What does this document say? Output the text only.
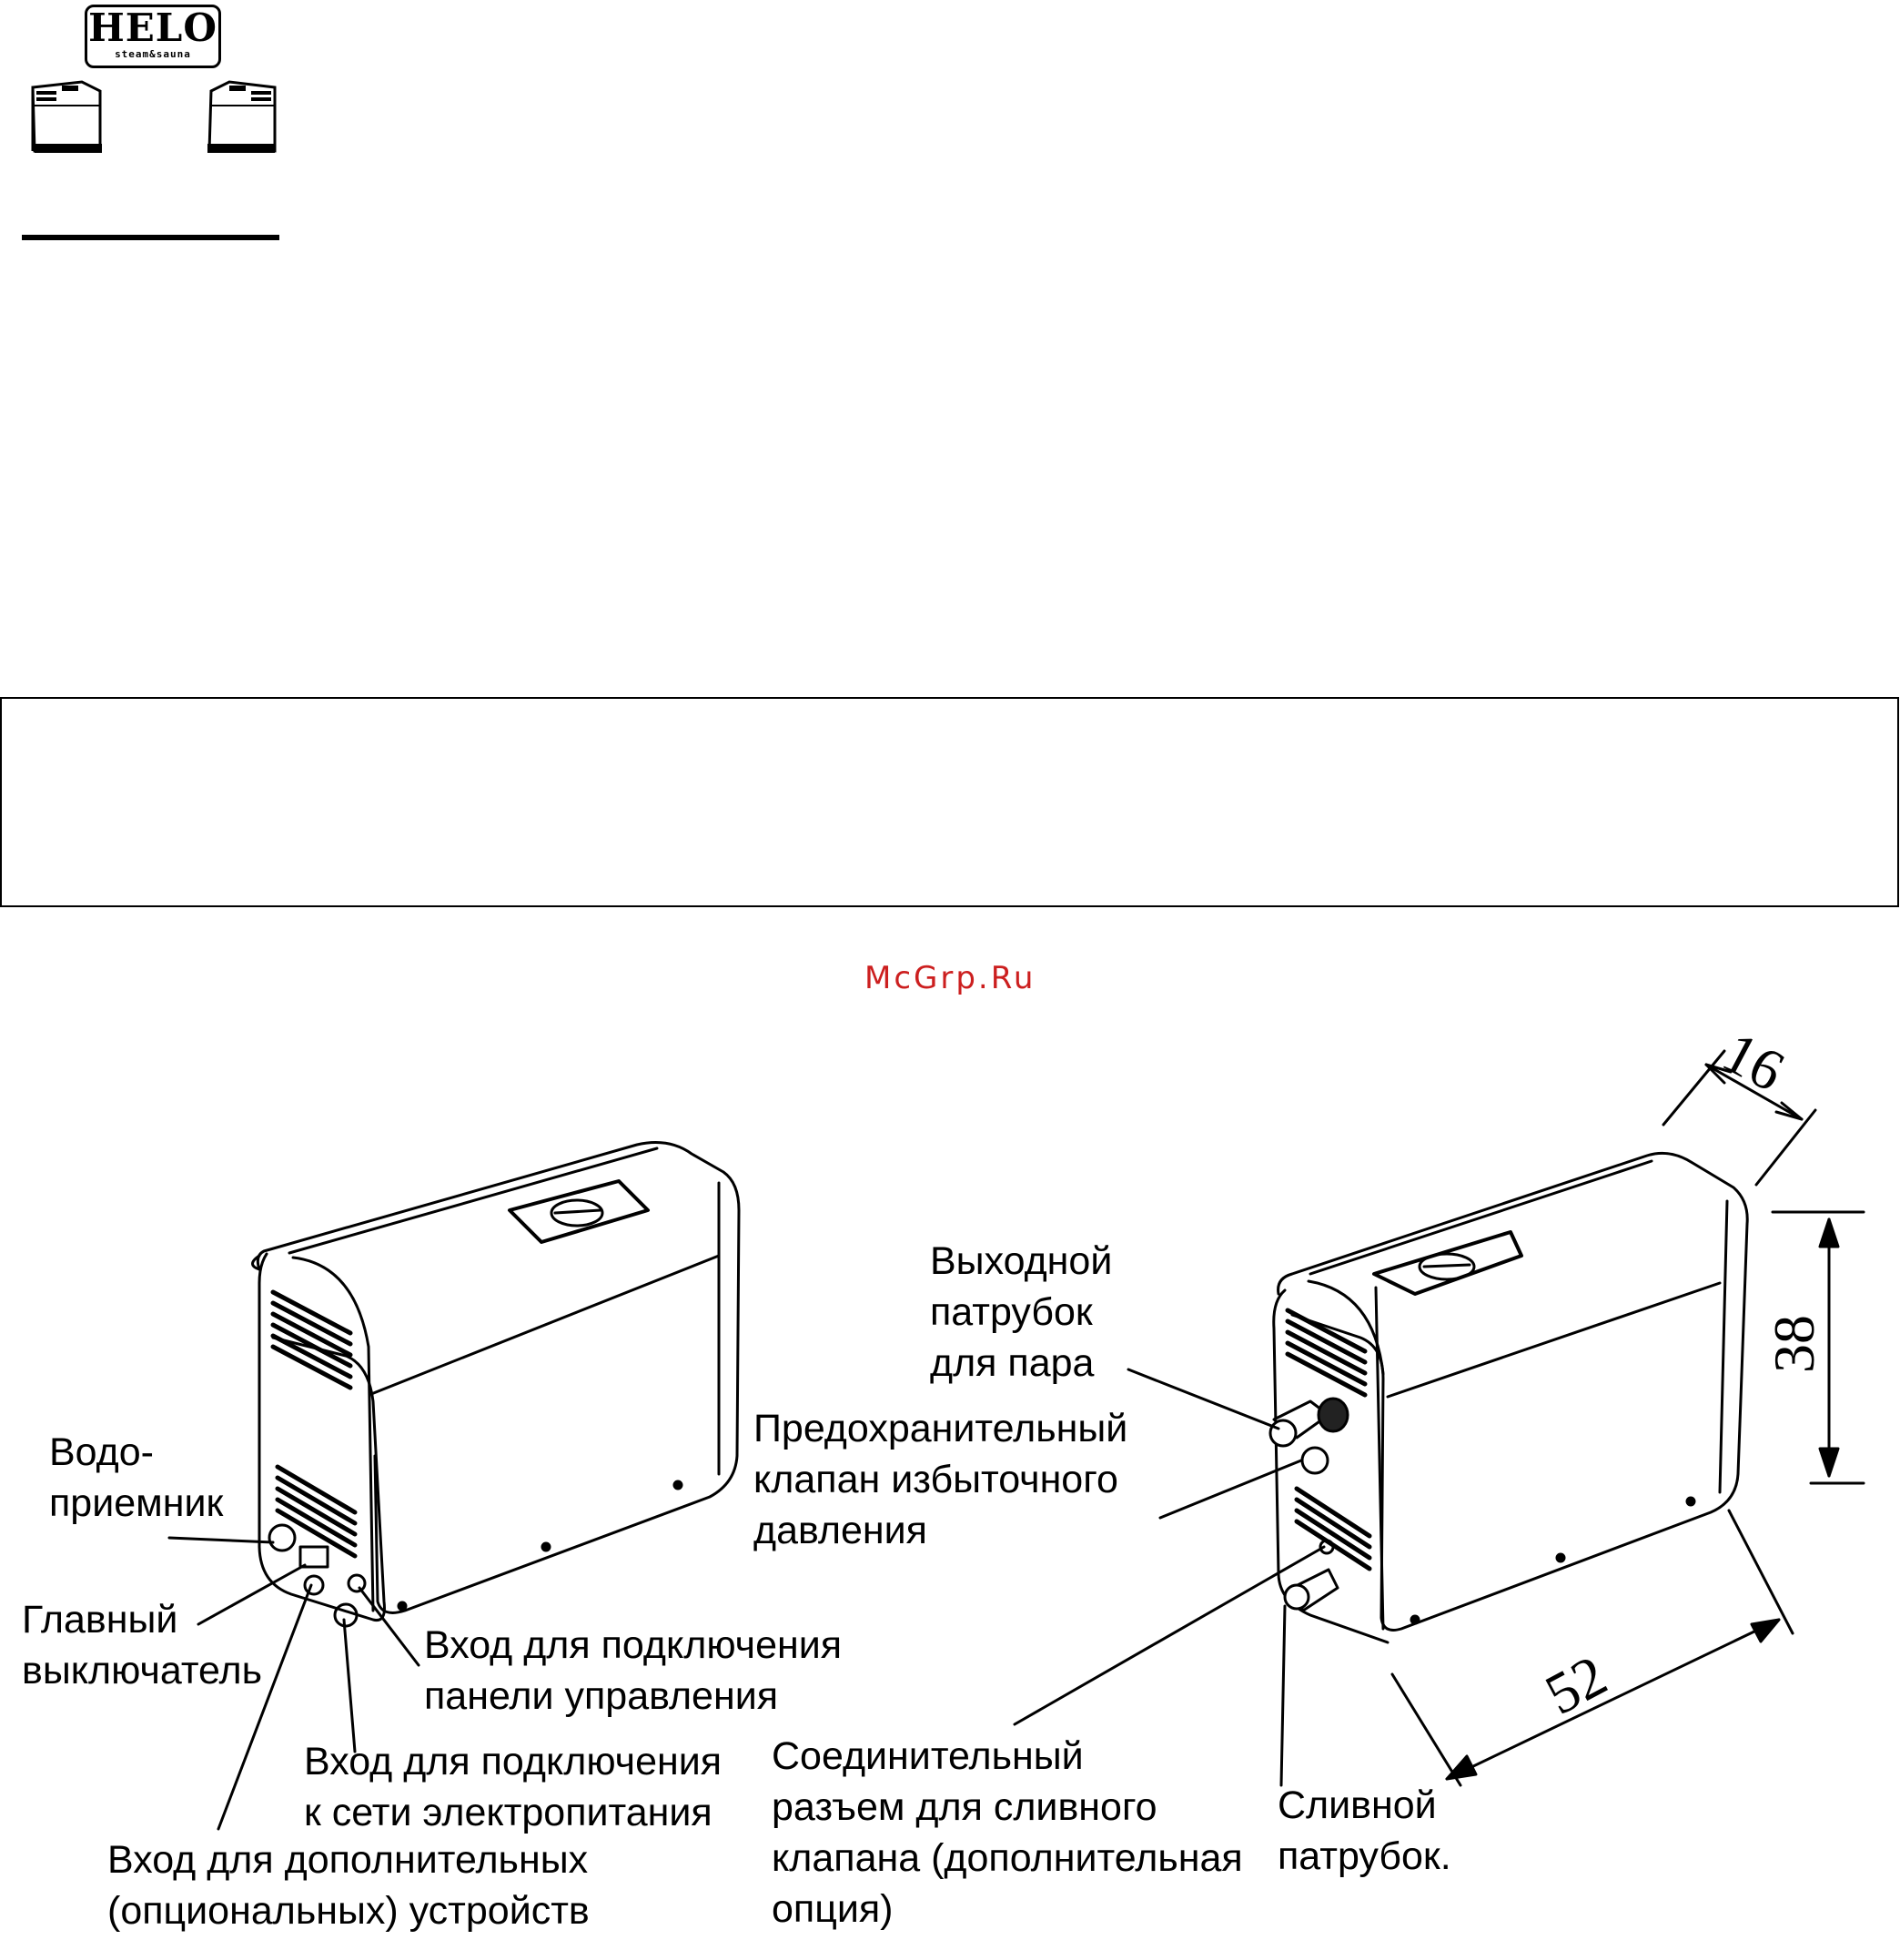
HELO
steam&sauna
McGrp.Ru
Водо-
приемник
Главный
выключатель
Вход для подключения
панели управления
Вход для подключения
к сети электропитания
Вход для дополнительных
(опциональных) устройств
Выходной
патрубок
для пара
Предохранительный
клапан избыточного
давления
Соединительный
разъем для сливного
клапана (дополнительная
опция)
Сливной
патрубок.
16
38
52
